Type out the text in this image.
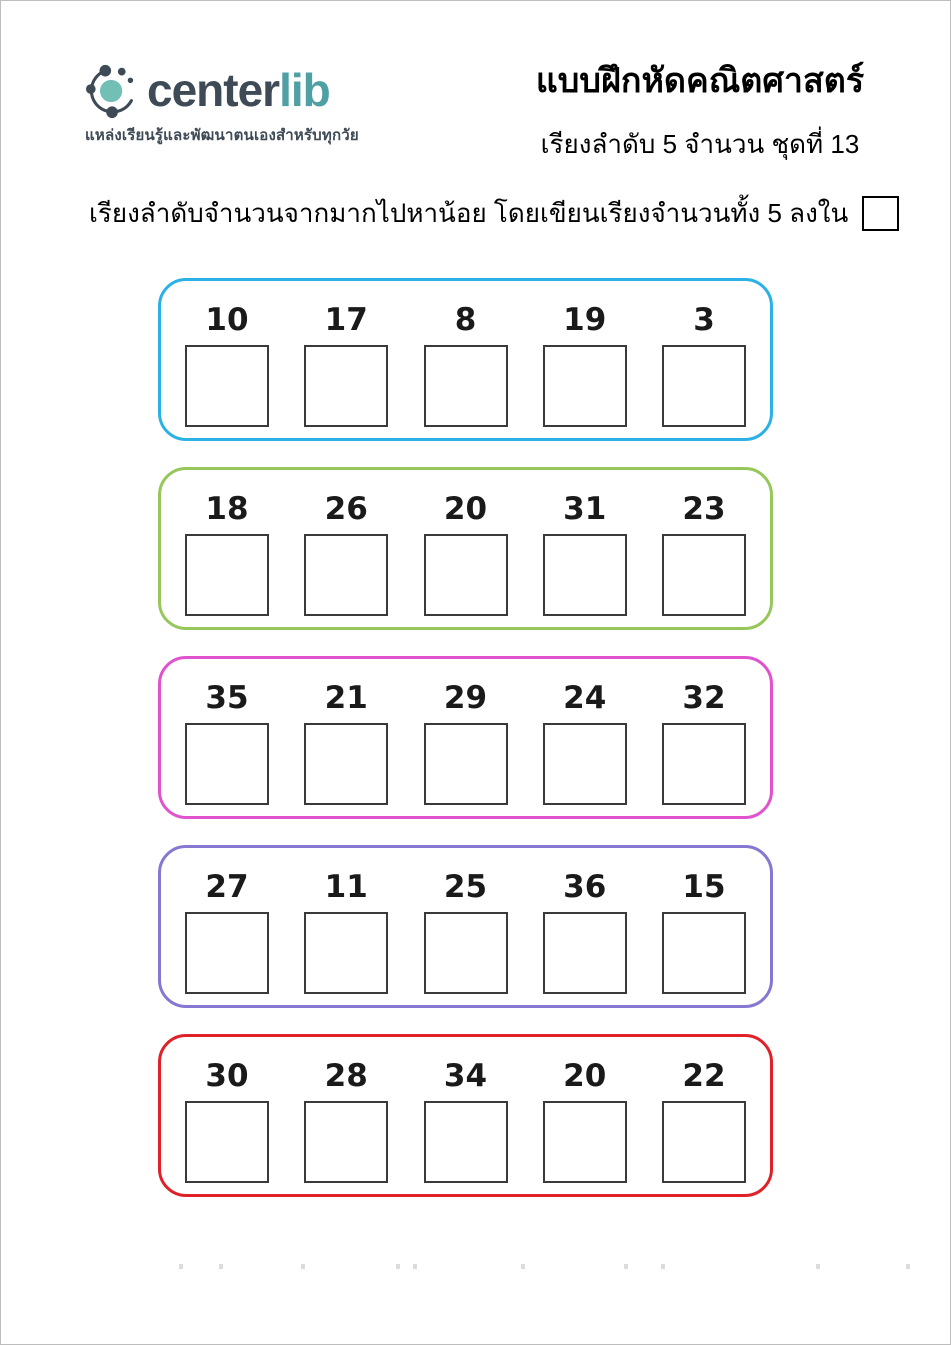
centerlib
แหล่งเรียนรู้และพัฒนาตนเองสำหรับทุกวัย
แบบฝึกหัดคณิตศาสตร์
เรียงลำดับ 5 จำนวน ชุดที่ 13
เรียงลำดับจำนวนจากมากไปหาน้อย โดยเขียนเรียงจำนวนทั้ง 5 ลงใน
10 17	8	19	3
18 26 20 31 23
35 21 29 24 32
27 11 25 36 15
30 28 34 20 22
